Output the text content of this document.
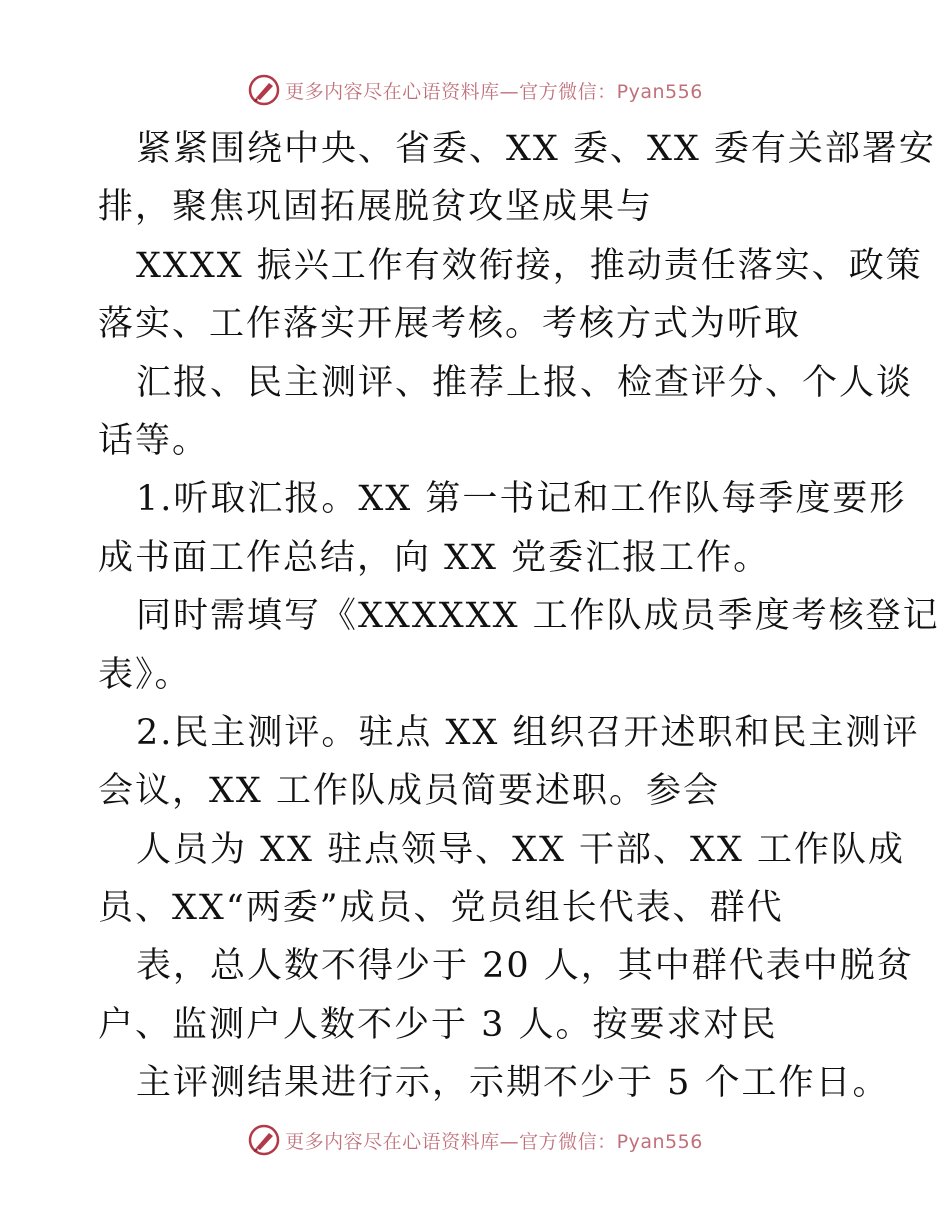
更多内容尽在心语资料库—官方微信：Pyan556
紧紧围绕中央、省委、XX 委、XX 委有关部署安
排，聚焦巩固拓展脱贫攻坚成果与
XXXX 振兴工作有效衔接，推动责任落实、政策
落实、工作落实开展考核。考核方式为听取
汇报、民主测评、推荐上报、检查评分、个人谈
话等。
1.听取汇报。XX 第一书记和工作队每季度要形
成书面工作总结，向 XX 党委汇报工作。
同时需填写《XXXXXX 工作队成员季度考核登记
表》。
2.民主测评。驻点 XX 组织召开述职和民主测评
会议，XX 工作队成员简要述职。参会
人员为 XX 驻点领导、XX 干部、XX 工作队成
员、XX“两委”成员、党员组长代表、群代
表，总人数不得少于 20 人，其中群代表中脱贫
户、监测户人数不少于 3 人。按要求对民
主评测结果进行示，示期不少于 5 个工作日。
更多内容尽在心语资料库—官方微信：Pyan556
